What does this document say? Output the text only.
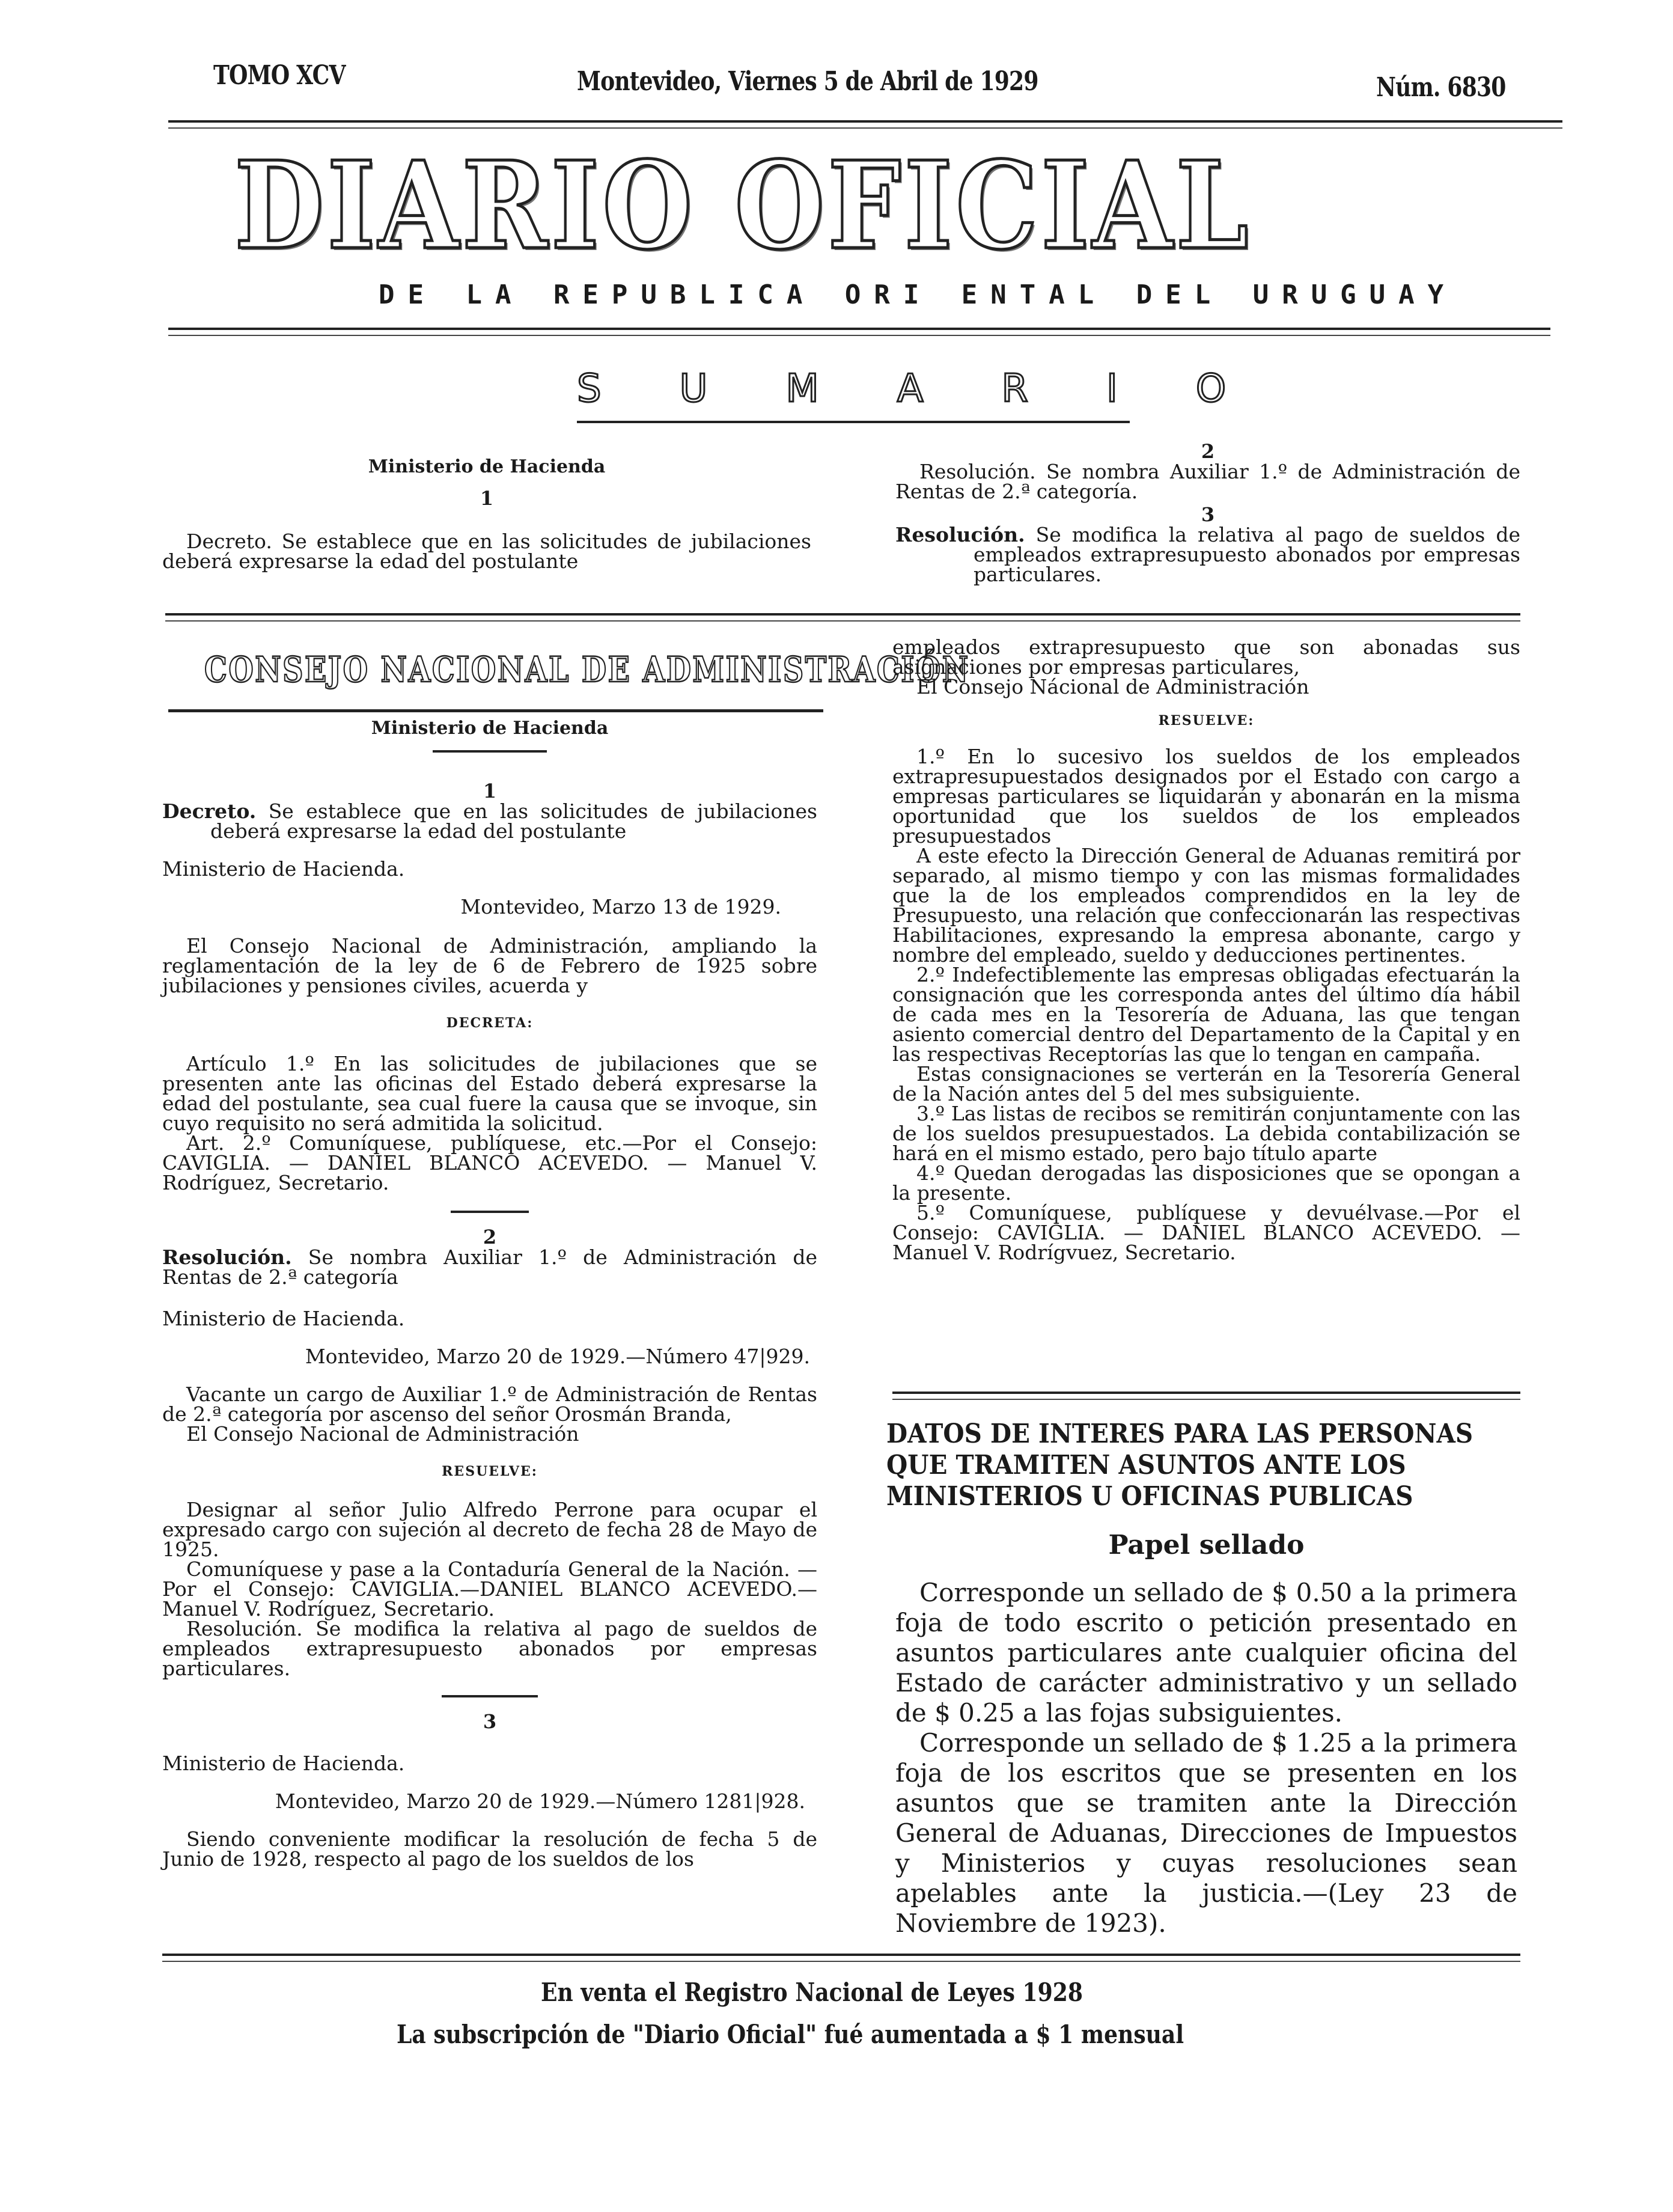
TOMO XCV	Montevideo, Viernes 5 de Abril de 1929	Núm. 6830
DIARIO OFICIAL
DE LA REPUBLICA ORI ENTAL DEL URUGUAY
SUMARIO

Ministerio de Hacienda

1

Decreto. Se establece que en las solicitudes de jubilaciones deberá expresarse la edad del postulante

2

Resolución. Se nombra Auxiliar 1.º de Administración de Rentas de 2.ª categoría.

3

Resolución. Se modifica la relativa al pago de sueldos de empleados extrapresupuesto abonados por empresas particulares.

CONSEJO NACIONAL DE ADMINISTRACIÓN

Ministerio de Hacienda

1

Decreto. Se establece que en las solicitudes de jubilaciones deberá expresarse la edad del postulante

Ministerio de Hacienda.

Montevideo, Marzo 13 de 1929.

El Consejo Nacional de Administración, ampliando la reglamentación de la ley de 6 de Febrero de 1925 sobre jubilaciones y pensiones civiles, acuerda y

DECRETA:

Artículo 1.º En las solicitudes de jubilaciones que se presenten ante las oficinas del Estado deberá expresarse la edad del postulante, sea cual fuere la causa que se invoque, sin cuyo requisito no será admitida la solicitud.

Art. 2.º Comuníquese, publíquese, etc.—Por el Consejo: CAVIGLIA. — DANIEL BLANCO ACEVEDO. — Manuel V. Rodríguez, Secretario.

2

Resolución. Se nombra Auxiliar 1.º de Administración de Rentas de 2.ª categoría

Ministerio de Hacienda.

Montevideo, Marzo 20 de 1929.—Número 47|929.

Vacante un cargo de Auxiliar 1.º de Administración de Rentas de 2.ª categoría por ascenso del señor Orosmán Branda,

El Consejo Nacional de Administración

RESUELVE:

Designar al señor Julio Alfredo Perrone para ocupar el expresado cargo con sujeción al decreto de fecha 28 de Mayo de 1925.

Comuníquese y pase a la Contaduría General de la Nación. — Por el Consejo: CAVIGLIA.—DANIEL BLANCO ACEVEDO.—Manuel V. Rodríguez, Secretario.

Resolución. Se modifica la relativa al pago de sueldos de empleados extrapresupuesto abonados por empresas particulares.

3

Ministerio de Hacienda.

Montevideo, Marzo 20 de 1929.—Número 1281|928.

Siendo conveniente modificar la resolución de fecha 5 de Junio de 1928, respecto al pago de los sueldos de los

empleados extrapresupuesto que son abonadas sus asignaciones por empresas particulares,

El Consejo Nácional de Administración

RESUELVE:

1.º En lo sucesivo los sueldos de los empleados extrapresupuestados designados por el Estado con cargo a empresas particulares se liquidarán y abonarán en la misma oportunidad que los sueldos de los empleados presupuestados

A este efecto la Dirección General de Aduanas remitirá por separado, al mismo tiempo y con las mismas formalidades que la de los empleados comprendidos en la ley de Presupuesto, una relación que confeccionarán las respectivas Habilitaciones, expresando la empresa abonante, cargo y nombre del empleado, sueldo y deducciones pertinentes.

2.º Indefectiblemente las empresas obligadas efectuarán la consignación que les corresponda antes del último día hábil de cada mes en la Tesorería de Aduana, las que tengan asiento comercial dentro del Departamento de la Capital y en las respectivas Receptorías las que lo tengan en campaña.

Estas consignaciones se verterán en la Tesorería General de la Nación antes del 5 del mes subsiguiente.

3.º Las listas de recibos se remitirán conjuntamente con las de los sueldos presupuestados. La debida contabilización se hará en el mismo estado, pero bajo título aparte

4.º Quedan derogadas las disposiciones que se opongan a la presente.

5.º Comuníquese, publíquese y devuélvase.—Por el Consejo: CAVIGLIA. — DANIEL BLANCO ACEVEDO. — Manuel V. Rodrígvuez, Secretario.

DATOS DE INTERES PARA LAS PERSONAS QUE TRAMITEN ASUNTOS ANTE LOS MINISTERIOS U OFICINAS PUBLICAS
Papel sellado

Corresponde un sellado de $ 0.50 a la primera foja de todo escrito o petición presentado en asuntos particulares ante cualquier oficina del Estado de carácter administrativo y un sellado de $ 0.25 a las fojas subsiguientes.

Corresponde un sellado de $ 1.25 a la primera foja de los escritos que se presenten en los asuntos que se tramiten ante la Dirección General de Aduanas, Direcciones de Impuestos y Ministerios y cuyas resoluciones sean apelables ante la justicia.—(Ley 23 de Noviembre de 1923).

En venta el Registro Nacional de Leyes 1928
La subscripción de "Diario Oficial" fué aumentada a $ 1 mensual
